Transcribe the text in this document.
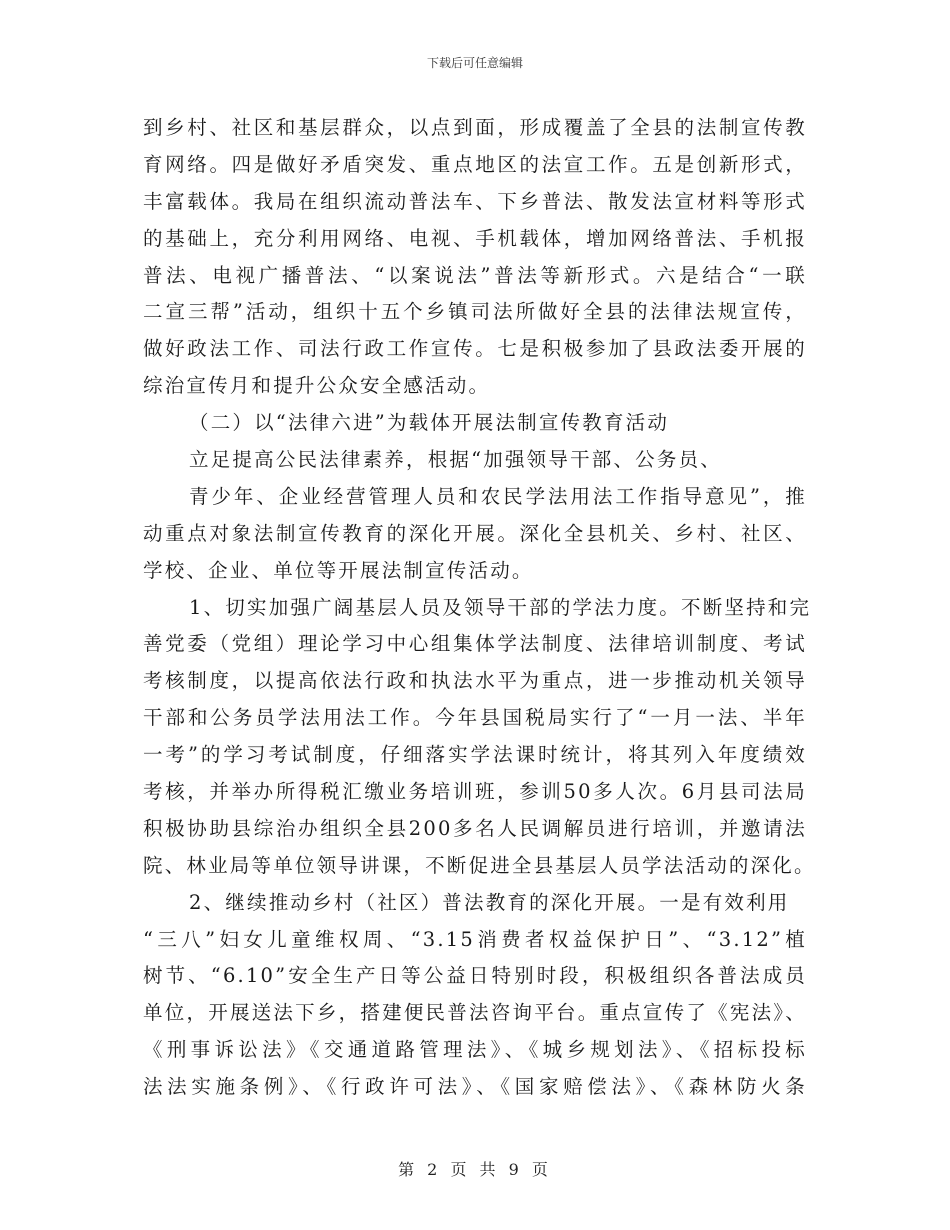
下载后可任意编辑
到乡村、社区和基层群众，以点到面，形成覆盖了全县的法制宣传教
育网络。四是做好矛盾突发、重点地区的法宣工作。五是创新形式，
丰富载体。我局在组织流动普法车、下乡普法、散发法宣材料等形式
的基础上，充分利用网络、电视、手机载体，增加网络普法、手机报
普法、电视广播普法、“以案说法”普法等新形式。六是结合“一联
二宣三帮”活动，组织十五个乡镇司法所做好全县的法律法规宣传，
做好政法工作、司法行政工作宣传。七是积极参加了县政法委开展的
综治宣传月和提升公众安全感活动。
（二）以“法律六进”为载体开展法制宣传教育活动
立足提高公民法律素养，根据“加强领导干部、公务员、
青少年、企业经营管理人员和农民学法用法工作指导意见”，推
动重点对象法制宣传教育的深化开展。深化全县机关、乡村、社区、
学校、企业、单位等开展法制宣传活动。
1、切实加强广阔基层人员及领导干部的学法力度。不断坚持和完
善党委（党组）理论学习中心组集体学法制度、法律培训制度、考试
考核制度，以提高依法行政和执法水平为重点，进一步推动机关领导
干部和公务员学法用法工作。今年县国税局实行了“一月一法、半年
一考”的学习考试制度，仔细落实学法课时统计，将其列入年度绩效
考核，并举办所得税汇缴业务培训班，参训50多人次。6月县司法局
积极协助县综治办组织全县200多名人民调解员进行培训，并邀请法
院、林业局等单位领导讲课，不断促进全县基层人员学法活动的深化。
2、继续推动乡村（社区）普法教育的深化开展。一是有效利用
“三八”妇女儿童维权周、“3.15消费者权益保护日”、“3.12”植
树节、“6.10”安全生产日等公益日特别时段，积极组织各普法成员
单位，开展送法下乡，搭建便民普法咨询平台。重点宣传了《宪法》、
《刑事诉讼法》《交通道路管理法》、《城乡规划法》、《招标投标
法法实施条例》、《行政许可法》、《国家赔偿法》、《森林防火条
第 2 页 共 9 页
